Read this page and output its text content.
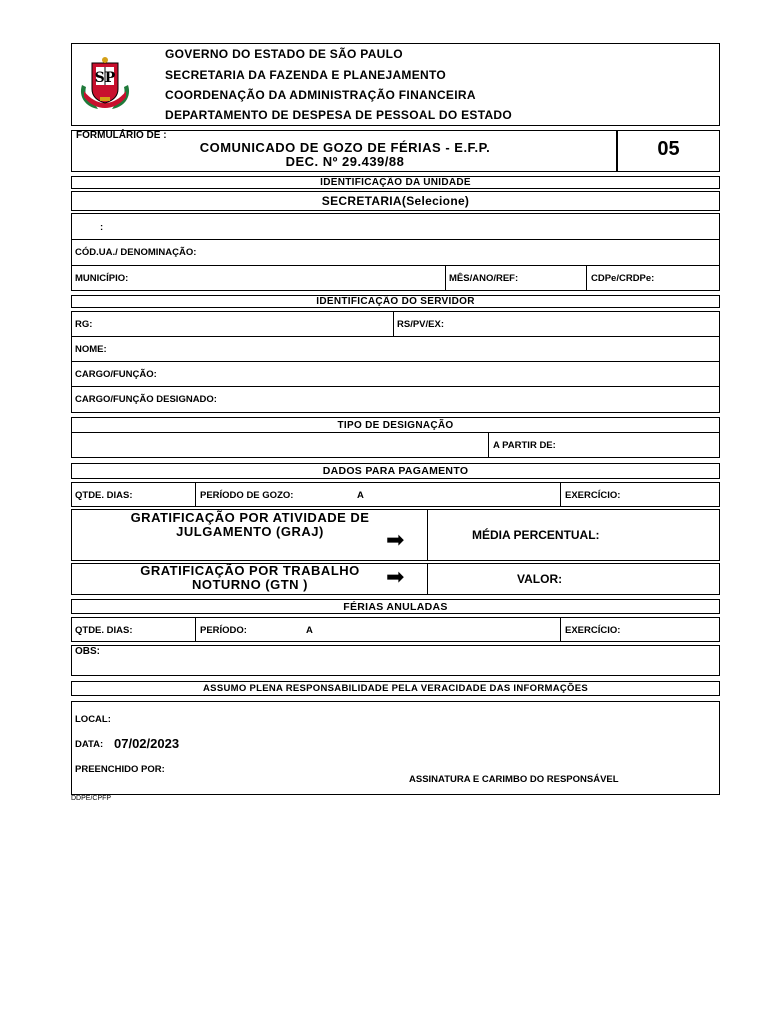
SP
GOVERNO DO ESTADO DE SÃO PAULO
SECRETARIA DA FAZENDA E PLANEJAMENTO
COORDENAÇÃO DA ADMINISTRAÇÃO FINANCEIRA
DEPARTAMENTO DE DESPESA DE PESSOAL DO ESTADO
FORMULÁRIO DE :
COMUNICADO DE GOZO DE FÉRIAS - E.F.P.
DEC. Nº 29.439/88
05
IDENTIFICAÇÃO DA UNIDADE
SECRETARIA(Selecione)
:
CÓD.UA./ DENOMINAÇÃO:
MUNICÍPIO:	MÊS/ANO/REF:	CDPe/CRDPe:
IDENTIFICAÇÃO DO SERVIDOR
RG:	RS/PV/EX:
NOME:
CARGO/FUNÇÃO:
CARGO/FUNÇÃO DESIGNADO:
TIPO DE DESIGNAÇÃO
A PARTIR DE:
DADOS PARA PAGAMENTO
QTDE. DIAS:	PERÍODO DE GOZO:	A	EXERCÍCIO:
GRATIFICAÇÃO POR ATIVIDADE DE
JULGAMENTO (GRAJ)	➡	MÉDIA PERCENTUAL:
GRATIFICAÇÃO POR TRABALHO
NOTURNO (GTN )	➡	VALOR:
FÉRIAS ANULADAS
QTDE. DIAS:	PERÍODO:	A	EXERCÍCIO:
OBS:
ASSUMO PLENA RESPONSABILIDADE PELA VERACIDADE DAS INFORMAÇÕES
LOCAL:
DATA: 07/02/2023
PREENCHIDO POR:
ASSINATURA E CARIMBO DO RESPONSÁVEL
DDPE/CPFP
